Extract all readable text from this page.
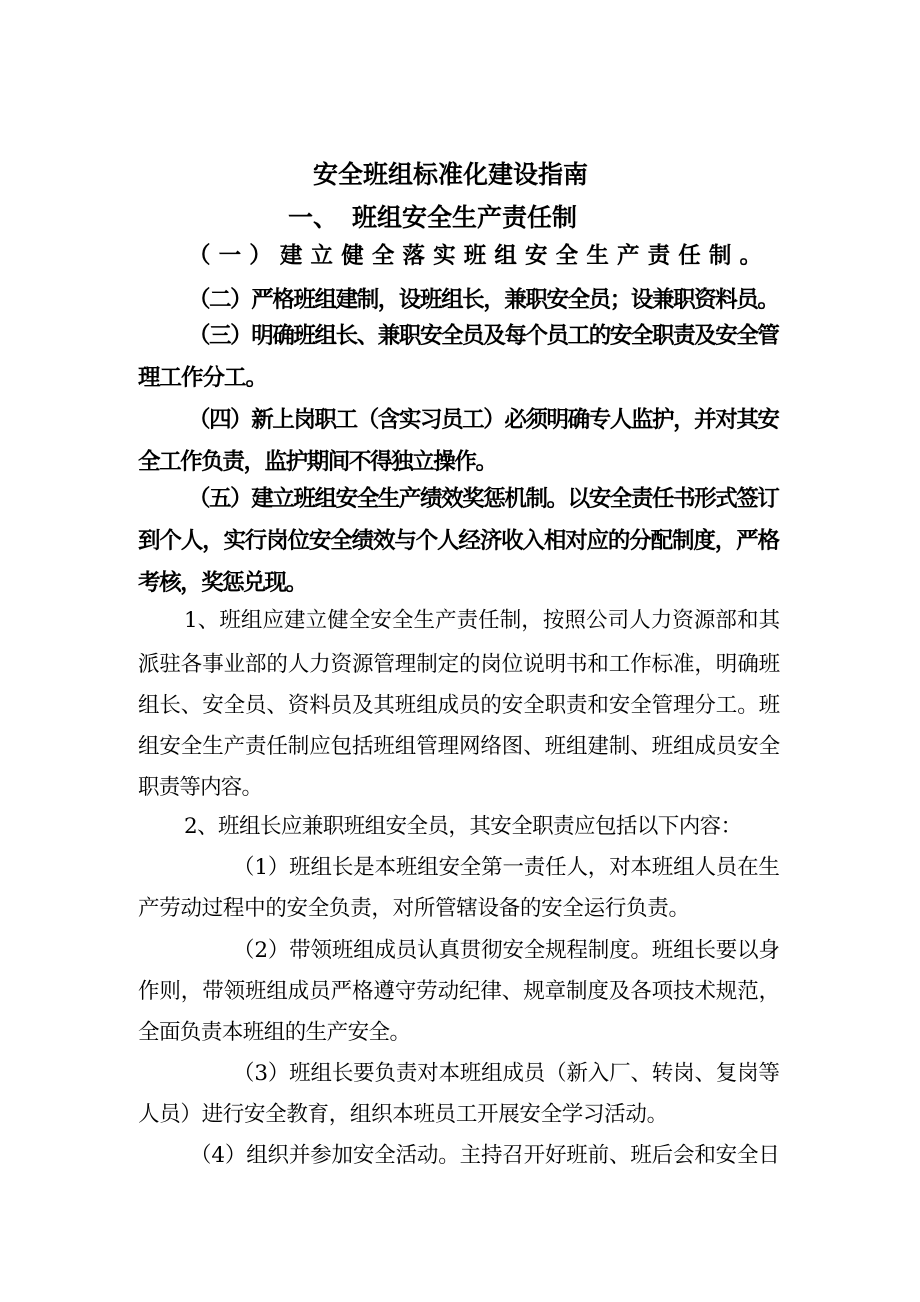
安全班组标准化建设指南
一、 班组安全生产责任制
（一）建立健全落实班组安全生产责任制。
（二）严格班组建制，设班组长，兼职安全员；设兼职资料员。
（三）明确班组长、兼职安全员及每个员工的安全职责及安全管
理工作分工。
（四）新上岗职工（含实习员工）必须明确专人监护，并对其安
全工作负责，监护期间不得独立操作。
（五）建立班组安全生产绩效奖惩机制。以安全责任书形式签订
到个人，实行岗位安全绩效与个人经济收入相对应的分配制度，严格
考核，奖惩兑现。
1、班组应建立健全安全生产责任制，按照公司人力资源部和其
派驻各事业部的人力资源管理制定的岗位说明书和工作标准，明确班
组长、安全员、资料员及其班组成员的安全职责和安全管理分工。班
组安全生产责任制应包括班组管理网络图、班组建制、班组成员安全
职责等内容。
2、班组长应兼职班组安全员，其安全职责应包括以下内容：
（1）班组长是本班组安全第一责任人，对本班组人员在生
产劳动过程中的安全负责，对所管辖设备的安全运行负责。
（2）带领班组成员认真贯彻安全规程制度。班组长要以身
作则，带领班组成员严格遵守劳动纪律、规章制度及各项技术规范，
全面负责本班组的生产安全。
（3）班组长要负责对本班组成员（新入厂、转岗、复岗等
人员）进行安全教育，组织本班员工开展安全学习活动。
（4）组织并参加安全活动。主持召开好班前、班后会和安全日
